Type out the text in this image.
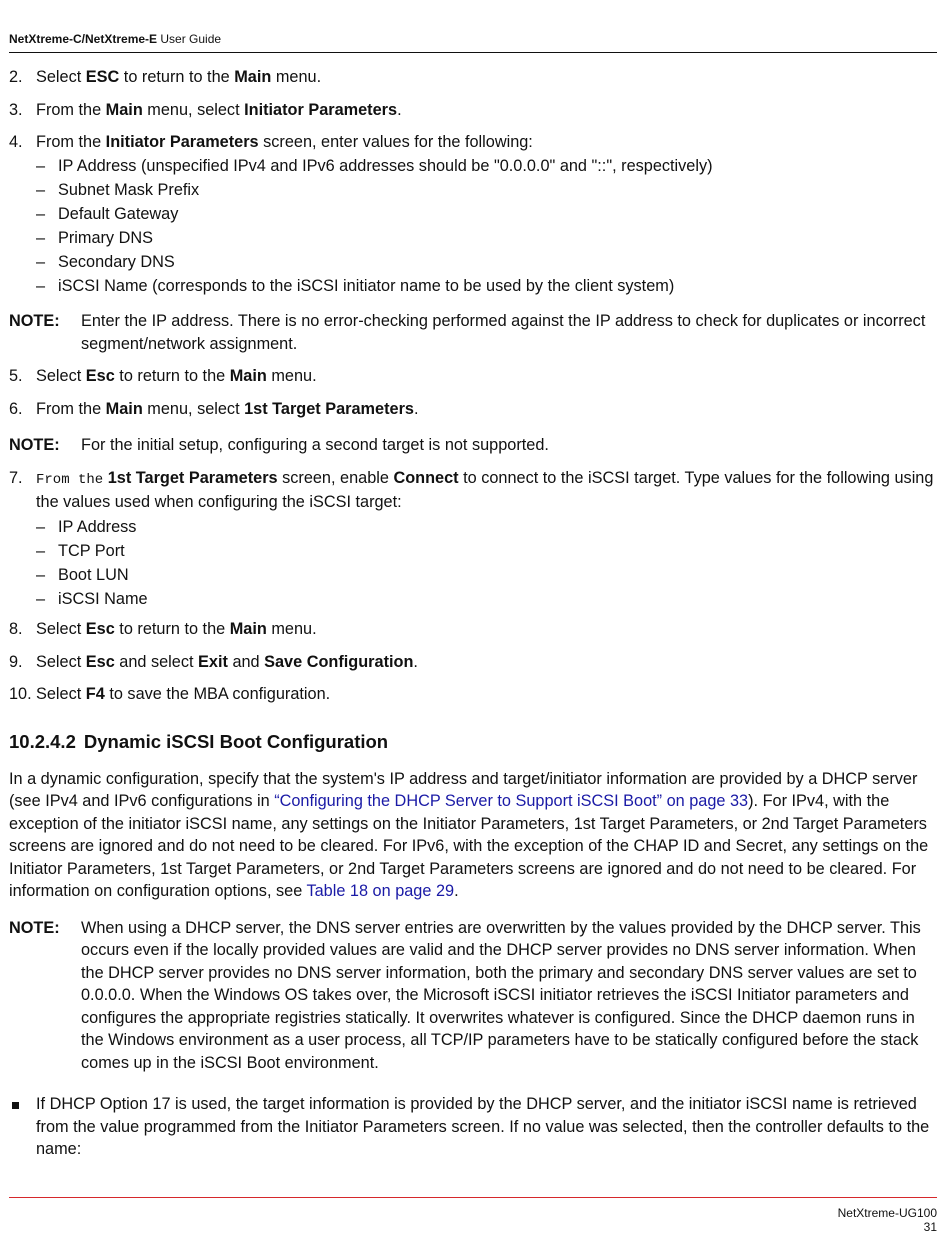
NetXtreme-C/NetXtreme-E User Guide
2. Select ESC to return to the Main menu.
3. From the Main menu, select Initiator Parameters.
4. From the Initiator Parameters screen, enter values for the following:
– IP Address (unspecified IPv4 and IPv6 addresses should be "0.0.0.0" and "::", respectively)
– Subnet Mask Prefix
– Default Gateway
– Primary DNS
– Secondary DNS
– iSCSI Name (corresponds to the iSCSI initiator name to be used by the client system)
NOTE: Enter the IP address. There is no error-checking performed against the IP address to check for duplicates or incorrect segment/network assignment.
5. Select Esc to return to the Main menu.
6. From the Main menu, select 1st Target Parameters.
NOTE: For the initial setup, configuring a second target is not supported.
7. From the 1st Target Parameters screen, enable Connect to connect to the iSCSI target. Type values for the following using the values used when configuring the iSCSI target:
– IP Address
– TCP Port
– Boot LUN
– iSCSI Name
8. Select Esc to return to the Main menu.
9. Select Esc and select Exit and Save Configuration.
10. Select F4 to save the MBA configuration.
10.2.4.2 Dynamic iSCSI Boot Configuration

In a dynamic configuration, specify that the system's IP address and target/initiator information are provided by a DHCP server (see IPv4 and IPv6 configurations in “Configuring the DHCP Server to Support iSCSI Boot” on page 33). For IPv4, with the exception of the initiator iSCSI name, any settings on the Initiator Parameters, 1st Target Parameters, or 2nd Target Parameters screens are ignored and do not need to be cleared. For IPv6, with the exception of the CHAP ID and Secret, any settings on the Initiator Parameters, 1st Target Parameters, or 2nd Target Parameters screens are ignored and do not need to be cleared. For information on configuration options, see Table 18 on page 29.

NOTE: When using a DHCP server, the DNS server entries are overwritten by the values provided by the DHCP server. This occurs even if the locally provided values are valid and the DHCP server provides no DNS server information. When the DHCP server provides no DNS server information, both the primary and secondary DNS server values are set to 0.0.0.0. When the Windows OS takes over, the Microsoft iSCSI initiator retrieves the iSCSI Initiator parameters and configures the appropriate registries statically. It overwrites whatever is configured. Since the DHCP daemon runs in the Windows environment as a user process, all TCP/IP parameters have to be statically configured before the stack comes up in the iSCSI Boot environment.
If DHCP Option 17 is used, the target information is provided by the DHCP server, and the initiator iSCSI name is retrieved from the value programmed from the Initiator Parameters screen. If no value was selected, then the controller defaults to the name:
NetXtreme-UG100
31
